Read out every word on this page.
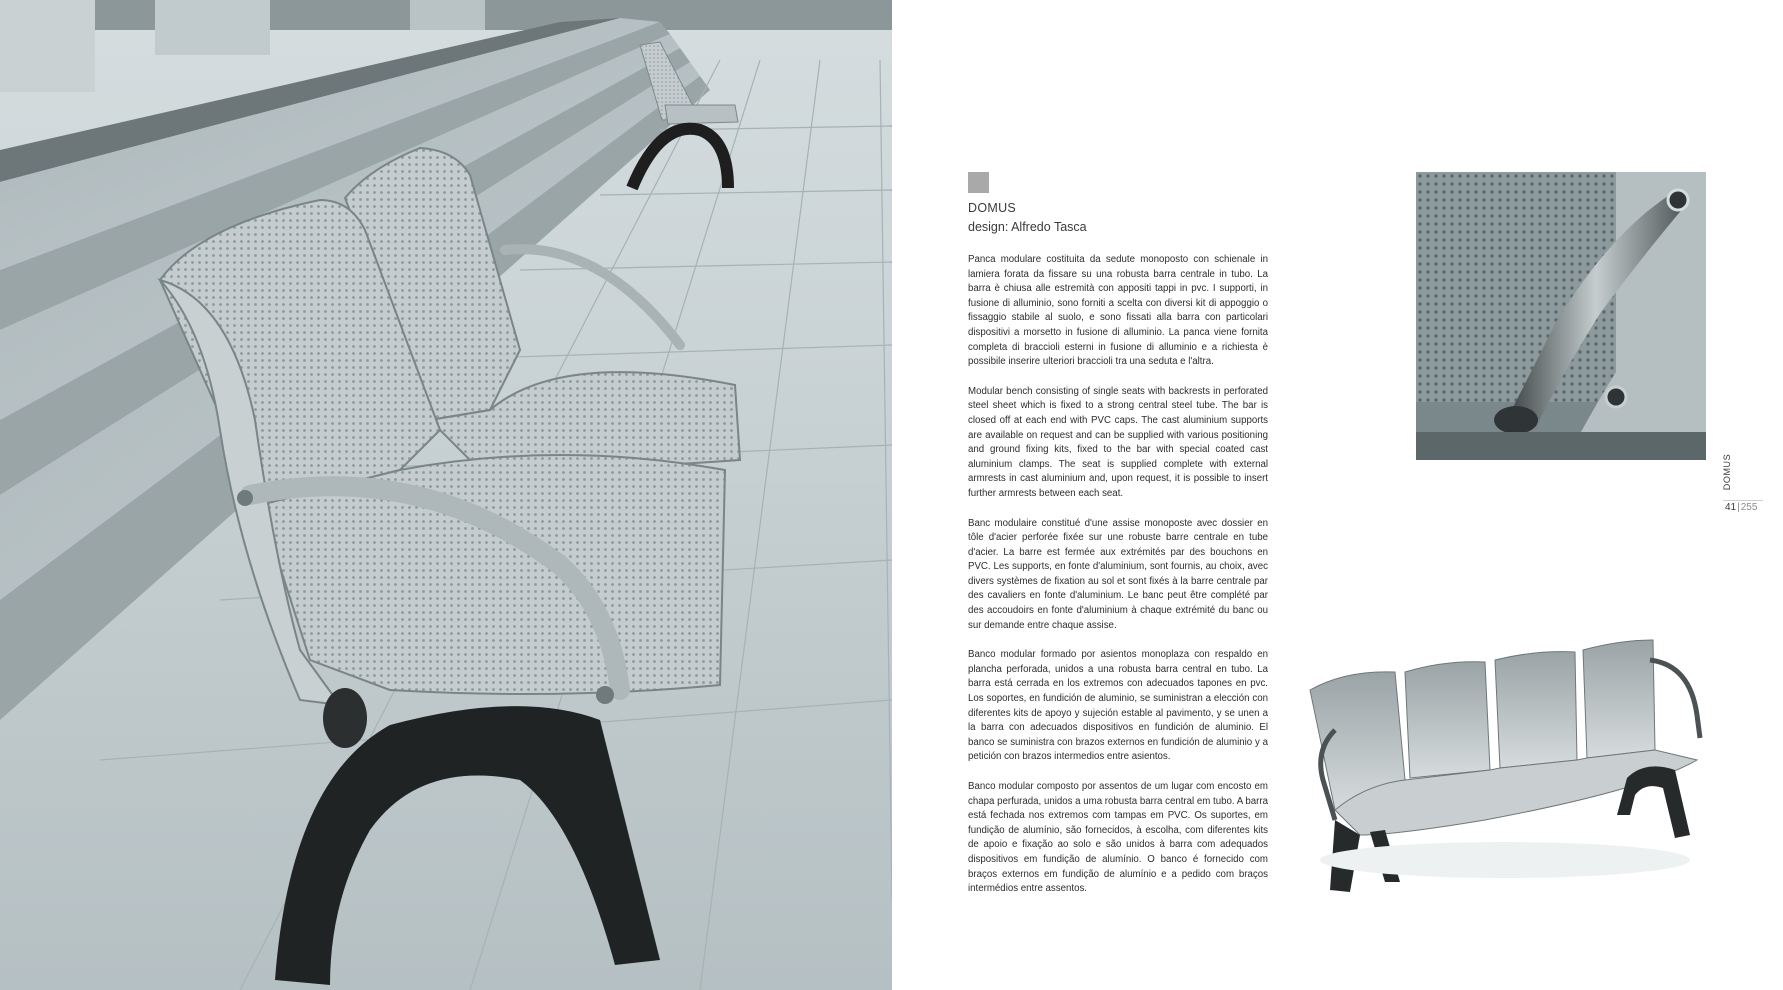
DOMUS
design: Alfredo Tasca

Panca modulare costituita da sedute monoposto con schienale in lamiera forata da fissare su una robusta barra centrale in tubo. La barra è chiusa alle estremità con appositi tappi in pvc. I supporti, in fusione di alluminio, sono forniti a scelta con diversi kit di appoggio o fissaggio stabile al suolo, e sono fissati alla barra con particolari dispositivi a morsetto in fusione di alluminio. La panca viene fornita completa di braccioli esterni in fusione di alluminio e a richiesta è possibile inserire ulteriori braccioli tra una seduta e l'altra.

Modular bench consisting of single seats with backrests in perforated steel sheet which is fixed to a strong central steel tube. The bar is closed off at each end with PVC caps. The cast aluminium supports are available on request and can be supplied with various positioning and ground fixing kits, fixed to the bar with special coated cast aluminium clamps. The seat is supplied complete with external armrests in cast aluminium and, upon request, it is possible to insert further armrests between each seat.

Banc modulaire constitué d'une assise monoposte avec dossier en tôle d'acier perforée fixée sur une robuste barre centrale en tube d'acier. La barre est fermée aux extrémités par des bouchons en PVC. Les supports, en fonte d'aluminium, sont fournis, au choix, avec divers systèmes de fixation au sol et sont fixés à la barre centrale par des cavaliers en fonte d'aluminium. Le banc peut être complété par des accoudoirs en fonte d'aluminium à chaque extrémité du banc ou sur demande entre chaque assise.

Banco modular formado por asientos monoplaza con respaldo en plancha perforada, unidos a una robusta barra central en tubo. La barra está cerrada en los extremos con adecuados tapones en pvc. Los soportes, en fundición de aluminio, se suministran a elección con diferentes kits de apoyo y sujeción estable al pavimento, y se unen a la barra con adecuados dispositivos en fundición de aluminio. El banco se suministra con brazos externos en fundición de aluminio y a petición con brazos intermedios entre asientos.

Banco modular composto por assentos de um lugar com encosto em chapa perfurada, unidos a uma robusta barra central em tubo. A barra está fechada nos extremos com tampas em PVC. Os suportes, em fundição de alumínio, são fornecidos, à escolha, com diferentes kits de apoio e fixação ao solo e são unidos à barra com adequados dispositivos em fundição de alumínio. O banco é fornecido com braços externos em fundição de alumínio e a pedido com braços intermédios entre assentos.

DOMUS
41|255
